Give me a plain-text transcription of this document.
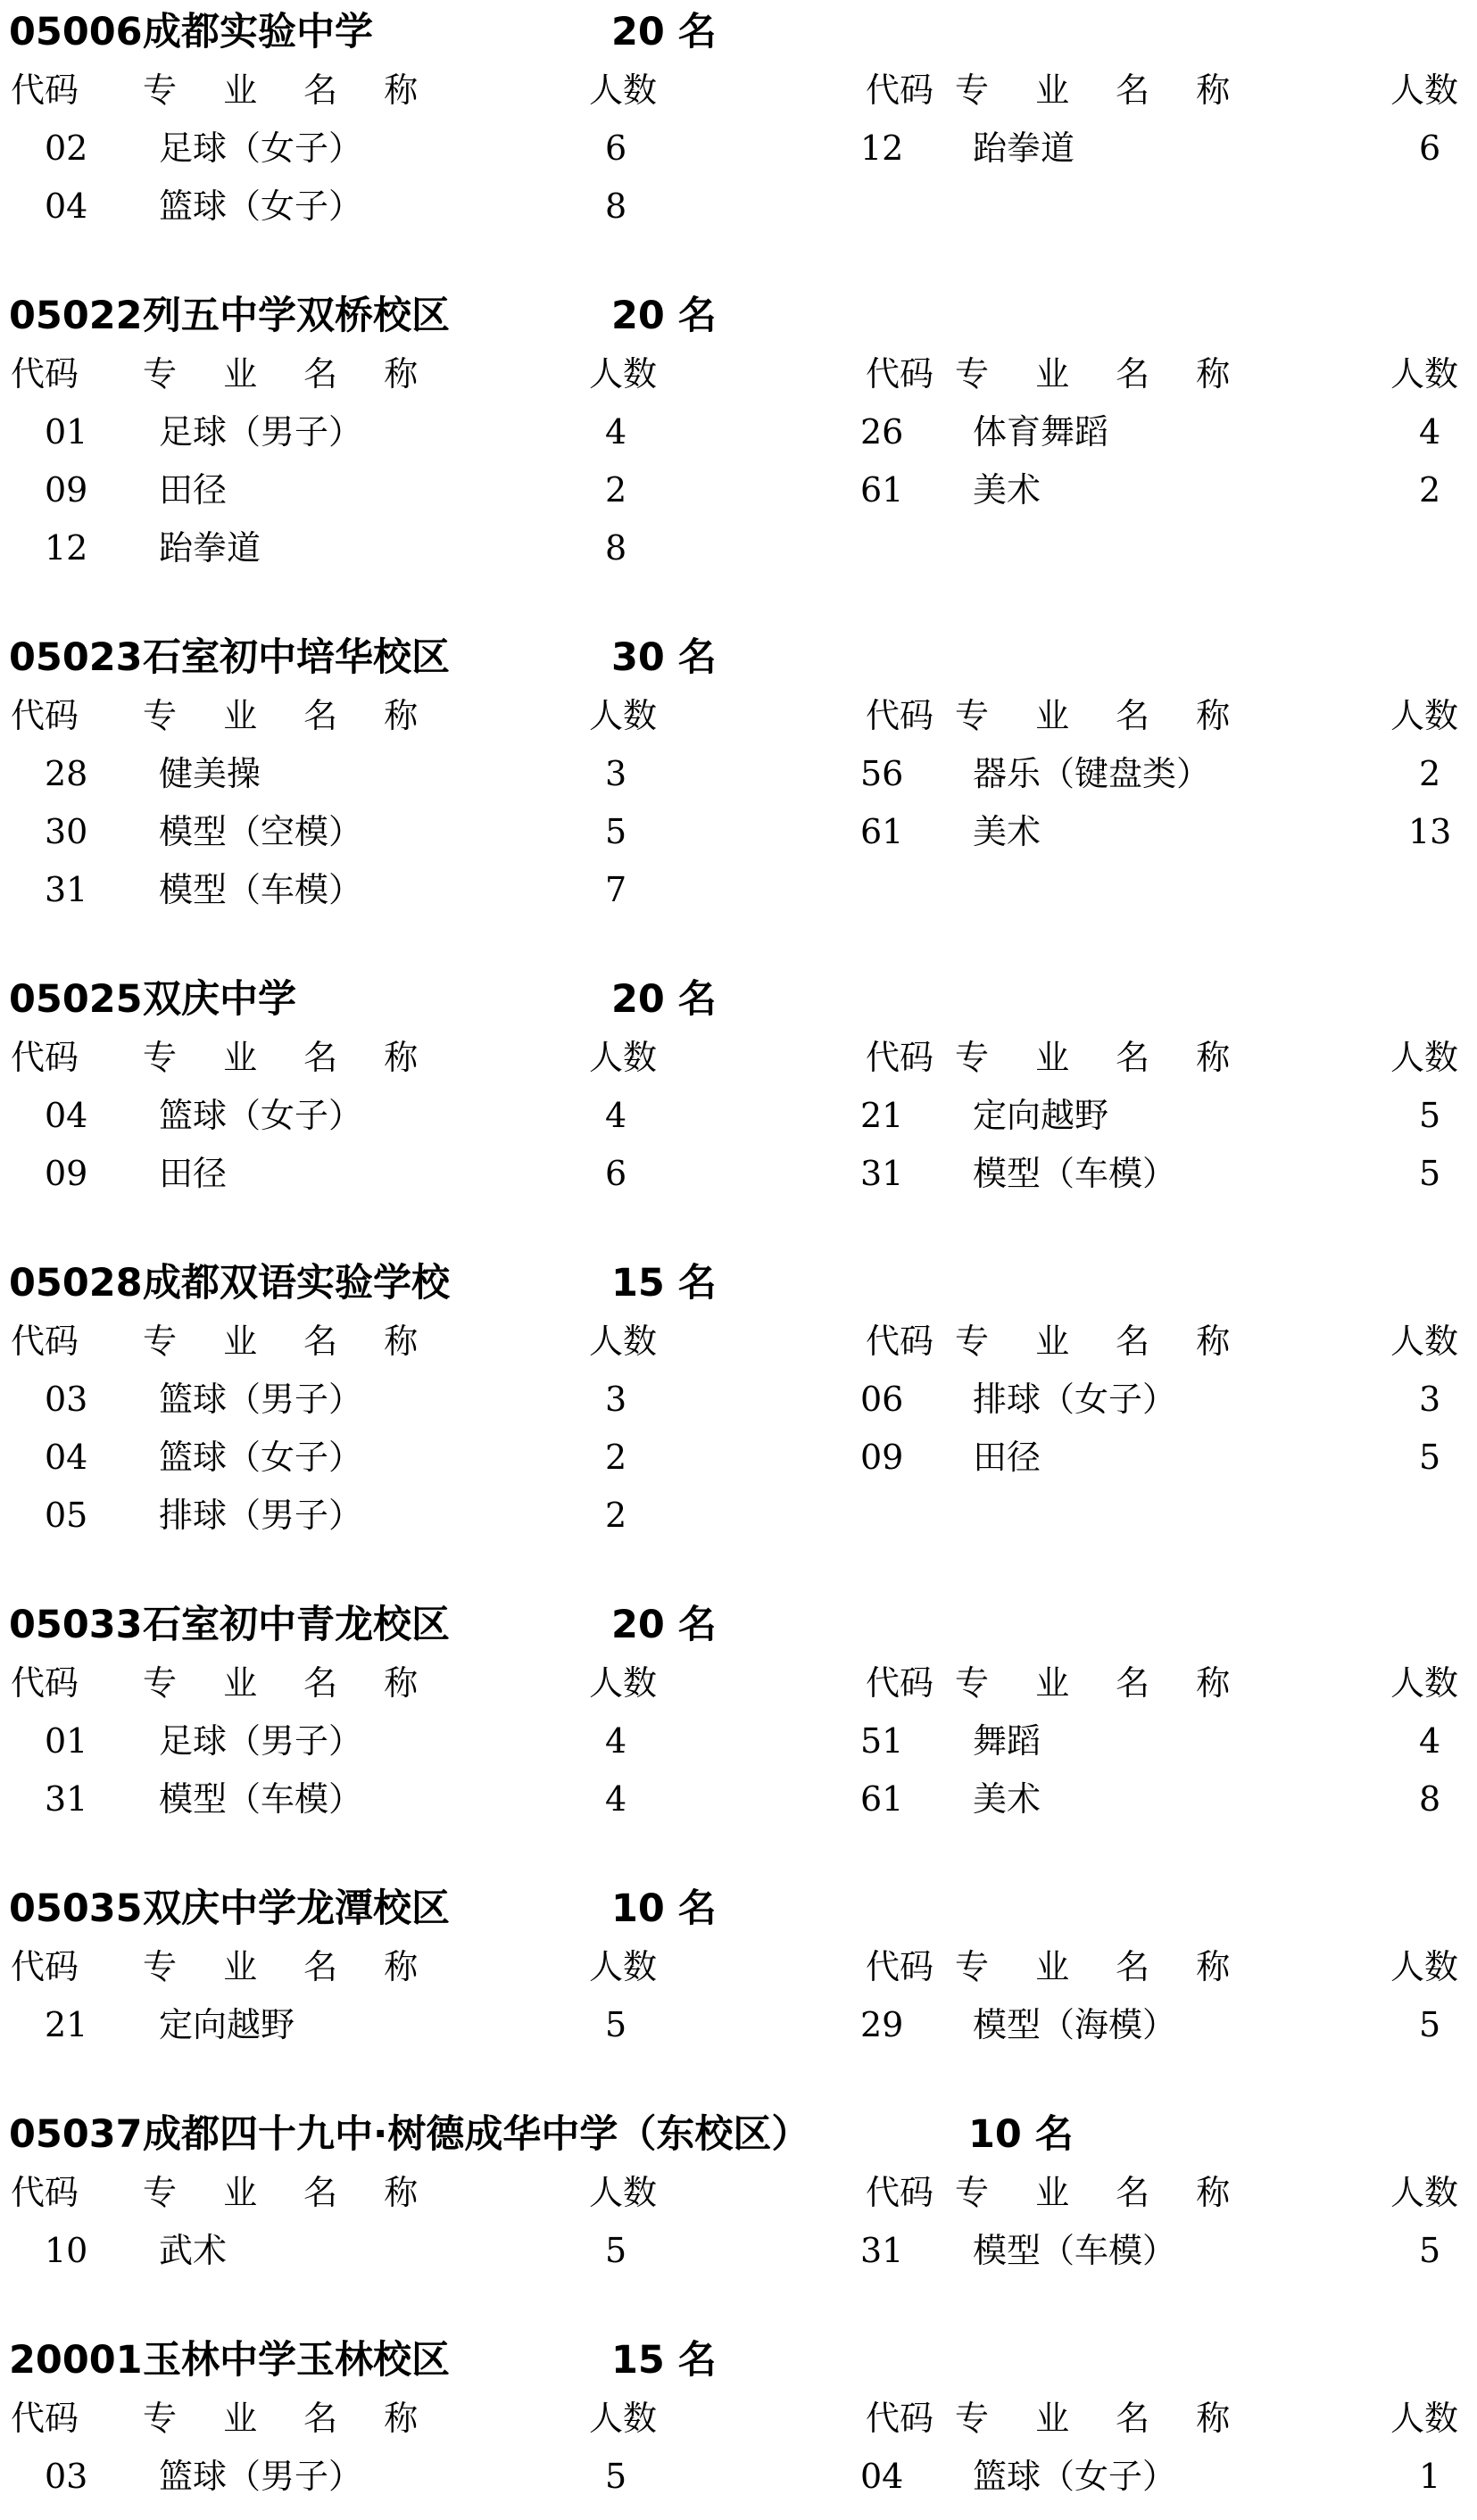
05006 成都实验中学	20 名
代码 专 业 名 称	人数	代码 专 业 名 称	人数
02 足球（女子）	6	12 跆拳道	6
04 篮球（女子）	8
05022 列五中学双桥校区	20 名
代码 专 业 名 称	人数	代码 专 业 名 称	人数
01 足球（男子）	4	26 体育舞蹈	4
09 田径	2	61 美术	2
12 跆拳道	8
05023 石室初中培华校区	30 名
代码 专 业 名 称	人数	代码 专 业 名 称	人数
28 健美操	3	56 器乐（键盘类）	2
30 模型（空模）	5	61 美术	13
31 模型（车模）	7
05025 双庆中学	20 名
代码 专 业 名 称	人数	代码 专 业 名 称	人数
04 篮球（女子）	4	21 定向越野	5
09 田径	6	31 模型（车模）	5
05028 成都双语实验学校	15 名
代码 专 业 名 称	人数	代码 专 业 名 称	人数
03 篮球（男子）	3	06 排球（女子）	3
04 篮球（女子）	2	09 田径	5
05 排球（男子）	2
05033 石室初中青龙校区	20 名
代码 专 业 名 称	人数	代码 专 业 名 称	人数
01 足球（男子）	4	51 舞蹈	4
31 模型（车模）	4	61 美术	8
05035 双庆中学龙潭校区	10 名
代码 专 业 名 称	人数	代码 专 业 名 称	人数
21 定向越野	5	29 模型（海模）	5
05037 成都四十九中·树德成华中学（东校区）	10 名
代码 专 业 名 称	人数	代码 专 业 名 称	人数
10 武术	5	31 模型（车模）	5
20001 玉林中学玉林校区	15 名
代码 专 业 名 称	人数	代码 专 业 名 称	人数
03 篮球（男子）	5	04 篮球（女子）	1
